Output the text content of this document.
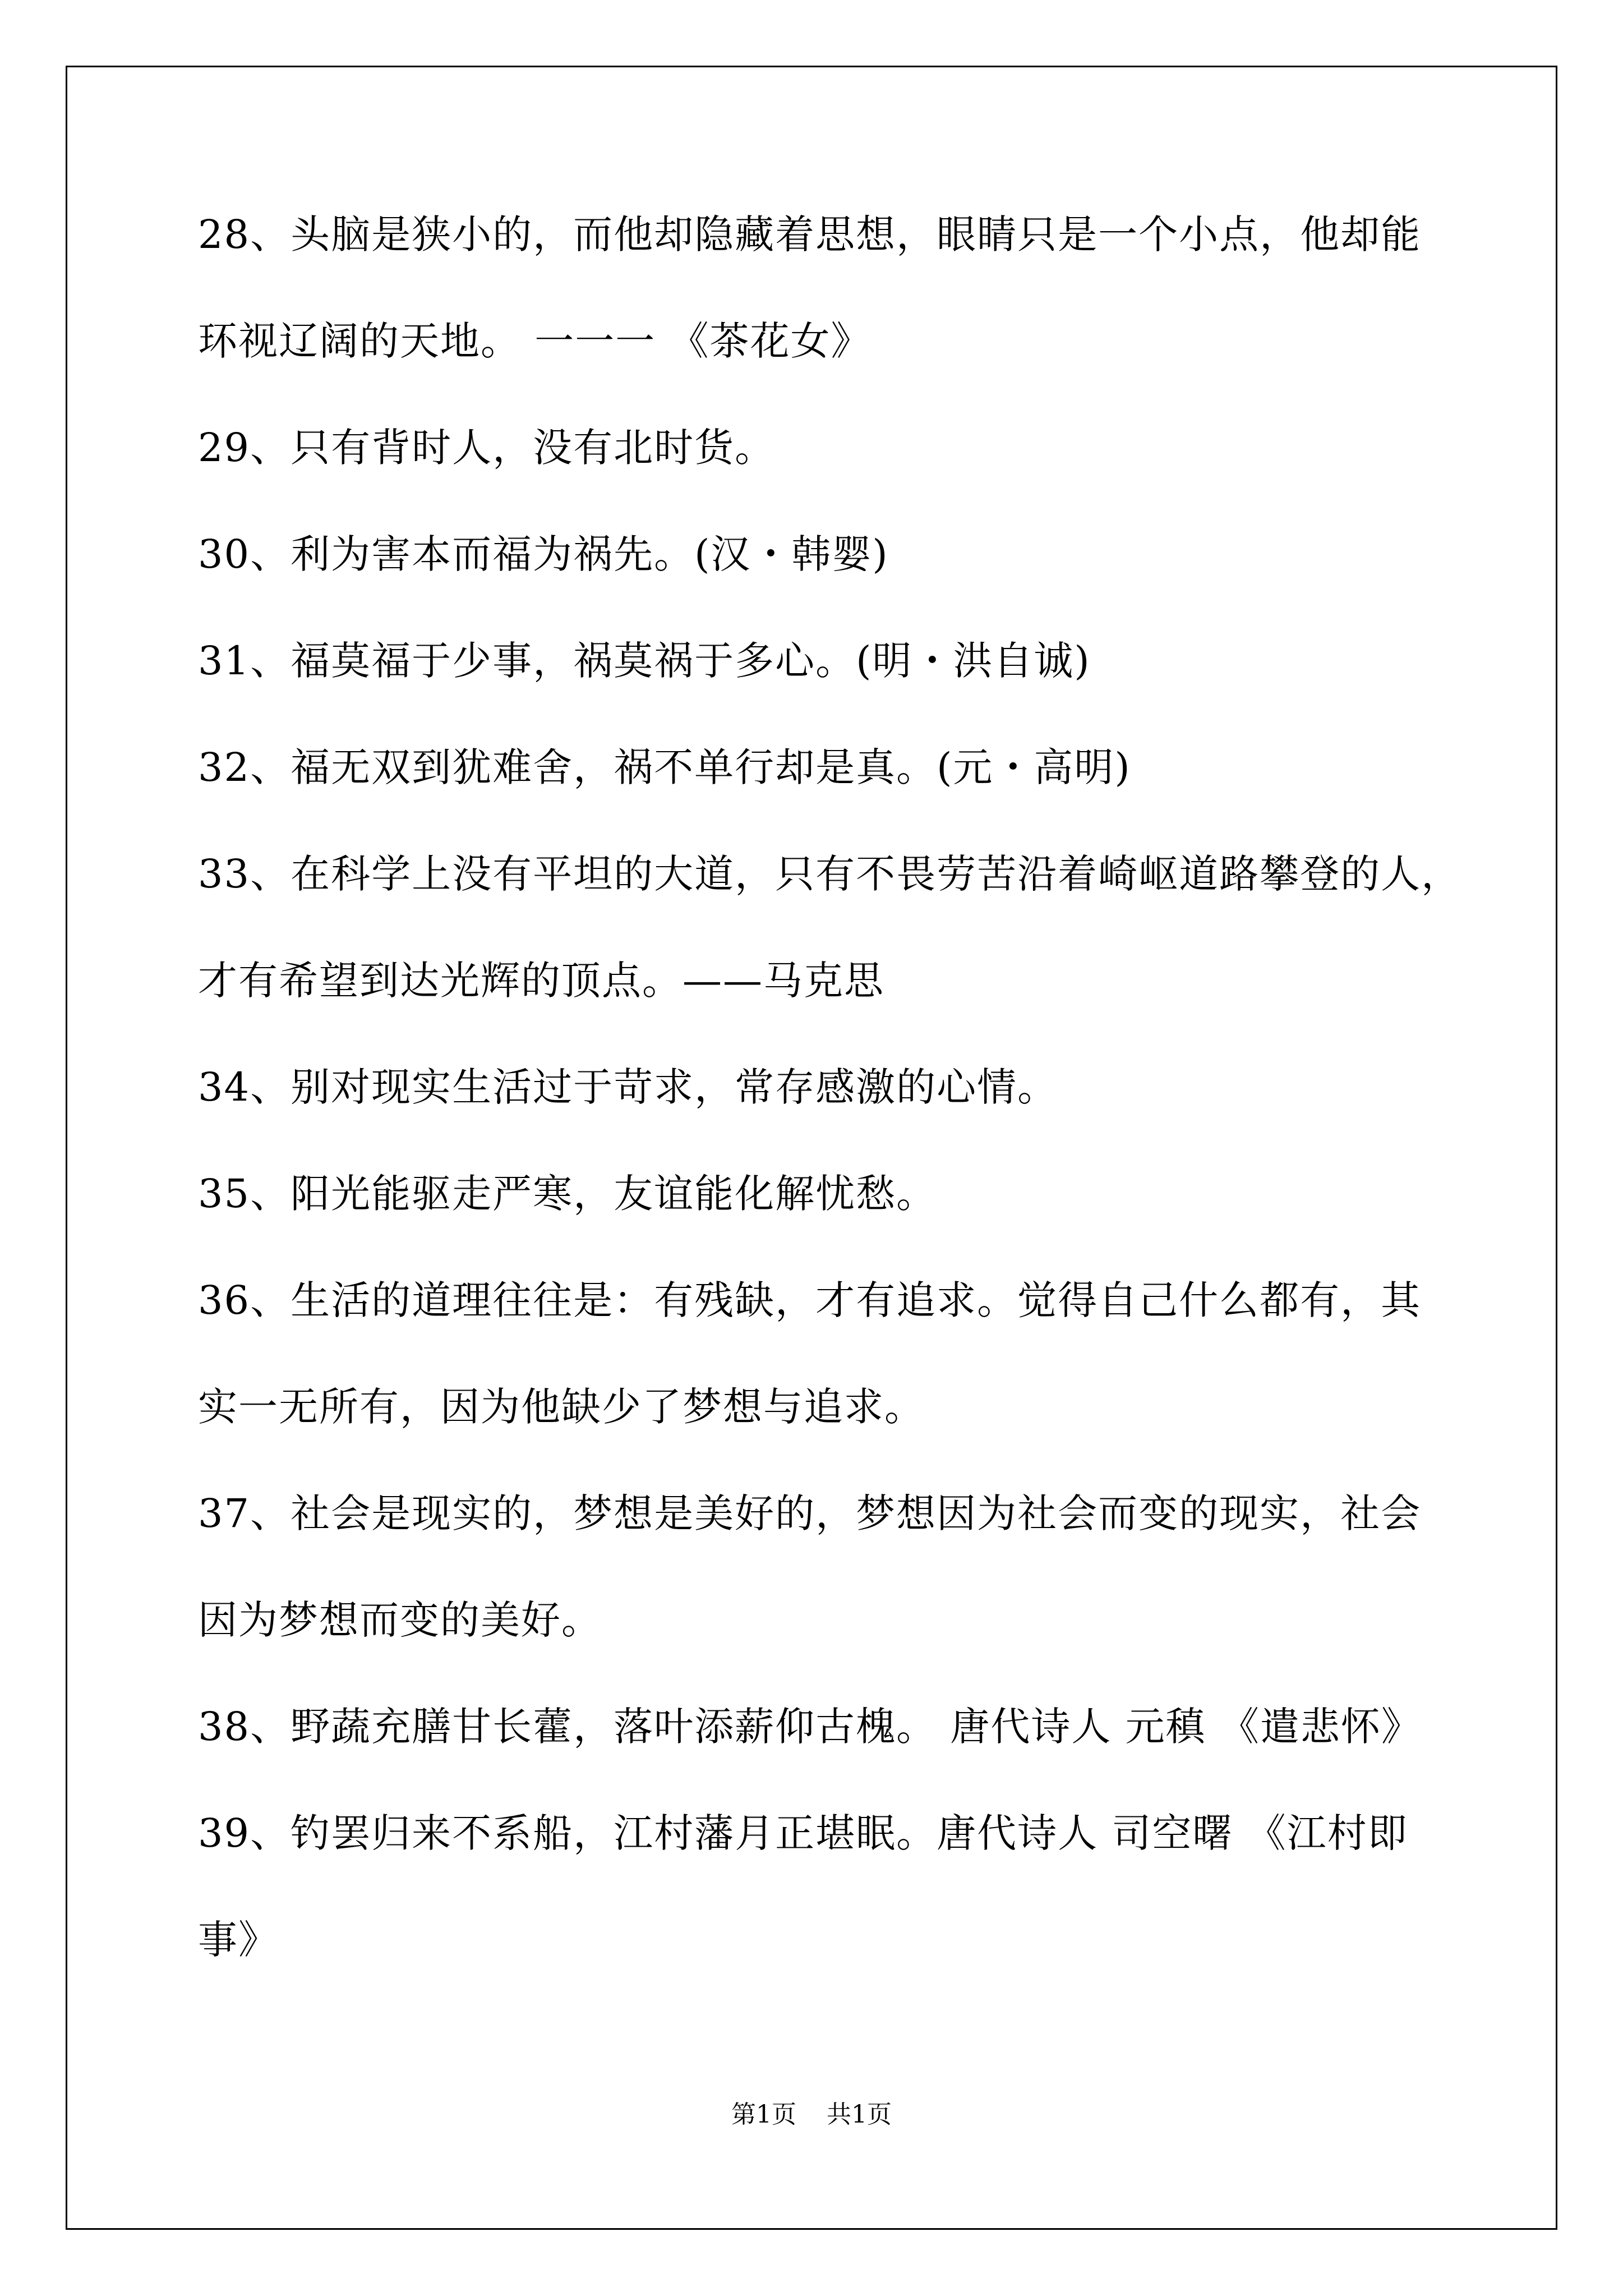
28、头脑是狭小的，而他却隐藏着思想，眼睛只是一个小点，他却能
环视辽阔的天地。 一一一 《茶花女》
29、只有背时人，没有北时货。
30、利为害本而福为祸先。(汉・韩婴)
31、福莫福于少事，祸莫祸于多心。(明・洪自诚)
32、福无双到犹难舍，祸不单行却是真。(元・高明)
33、在科学上没有平坦的大道，只有不畏劳苦沿着崎岖道路攀登的人，
才有希望到达光辉的顶点。——马克思
34、别对现实生活过于苛求，常存感激的心情。
35、阳光能驱走严寒，友谊能化解忧愁。
36、生活的道理往往是：有残缺，才有追求。觉得自己什么都有，其
实一无所有，因为他缺少了梦想与追求。
37、社会是现实的，梦想是美好的，梦想因为社会而变的现实，社会
因为梦想而变的美好。
38、野蔬充膳甘长藿，落叶添薪仰古槐。 唐代诗人 元稹 《遣悲怀》
39、钓罢归来不系船，江村藩月正堪眠。唐代诗人 司空曙 《江村即
事》
第1页 共1页
